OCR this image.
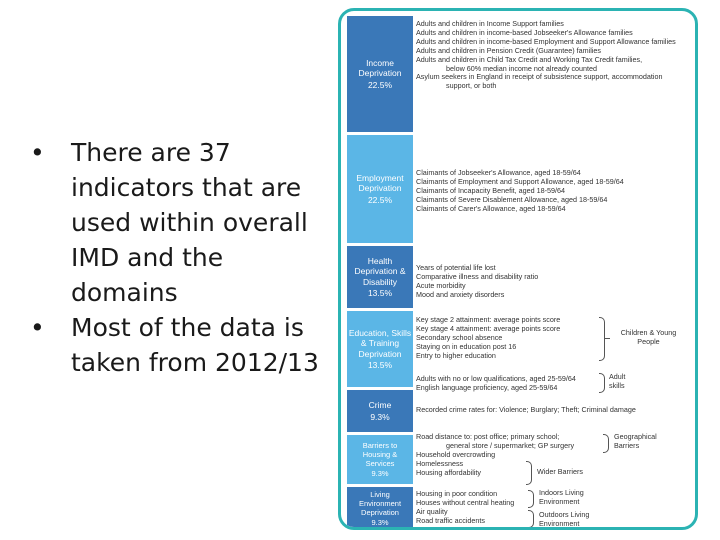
• There are 37 indicators that are used within overall IMD and the domains
• Most of the data is taken from 2012/13
Income Deprivation
22.5%
Adults and children in Income Support families
Adults and children in income-based Jobseeker's Allowance families
Adults and children in income-based Employment and Support Allowance families
Adults and children in Pension Credit (Guarantee) families
Adults and children in Child Tax Credit and Working Tax Credit families,
below 60% median income not already counted
Asylum seekers in England in receipt of subsistence support, accommodation
support, or both
Employment Deprivation
22.5%
Claimants of Jobseeker's Allowance, aged 18-59/64
Claimants of Employment and Support Allowance, aged 18-59/64
Claimants of Incapacity Benefit, aged 18-59/64
Claimants of Severe Disablement Allowance, aged 18-59/64
Claimants of Carer's Allowance, aged 18-59/64
Health Deprivation & Disability
13.5%
Years of potential life lost
Comparative illness and disability ratio
Acute morbidity
Mood and anxiety disorders
Education, Skills & Training Deprivation
13.5%
Key stage 2 attainment: average points score
Key stage 4 attainment: average points score
Secondary school absence
Staying on in education post 16
Entry to higher education
Adults with no or low qualifications, aged 25-59/64
English language proficiency, aged 25-59/64
Children & Young People
Adult skills
Crime
9.3%
Recorded crime rates for: Violence; Burglary; Theft; Criminal damage
Barriers to Housing & Services
9.3%
Road distance to: post office; primary school;
general store / supermarket; GP surgery
Household overcrowding
Homelessness
Housing affordability
Geographical Barriers
Wider Barriers
Living Environment Deprivation
9.3%
Housing in poor condition
Houses without central heating
Air quality
Road traffic accidents
Indoors Living Environment
Outdoors Living Environment
